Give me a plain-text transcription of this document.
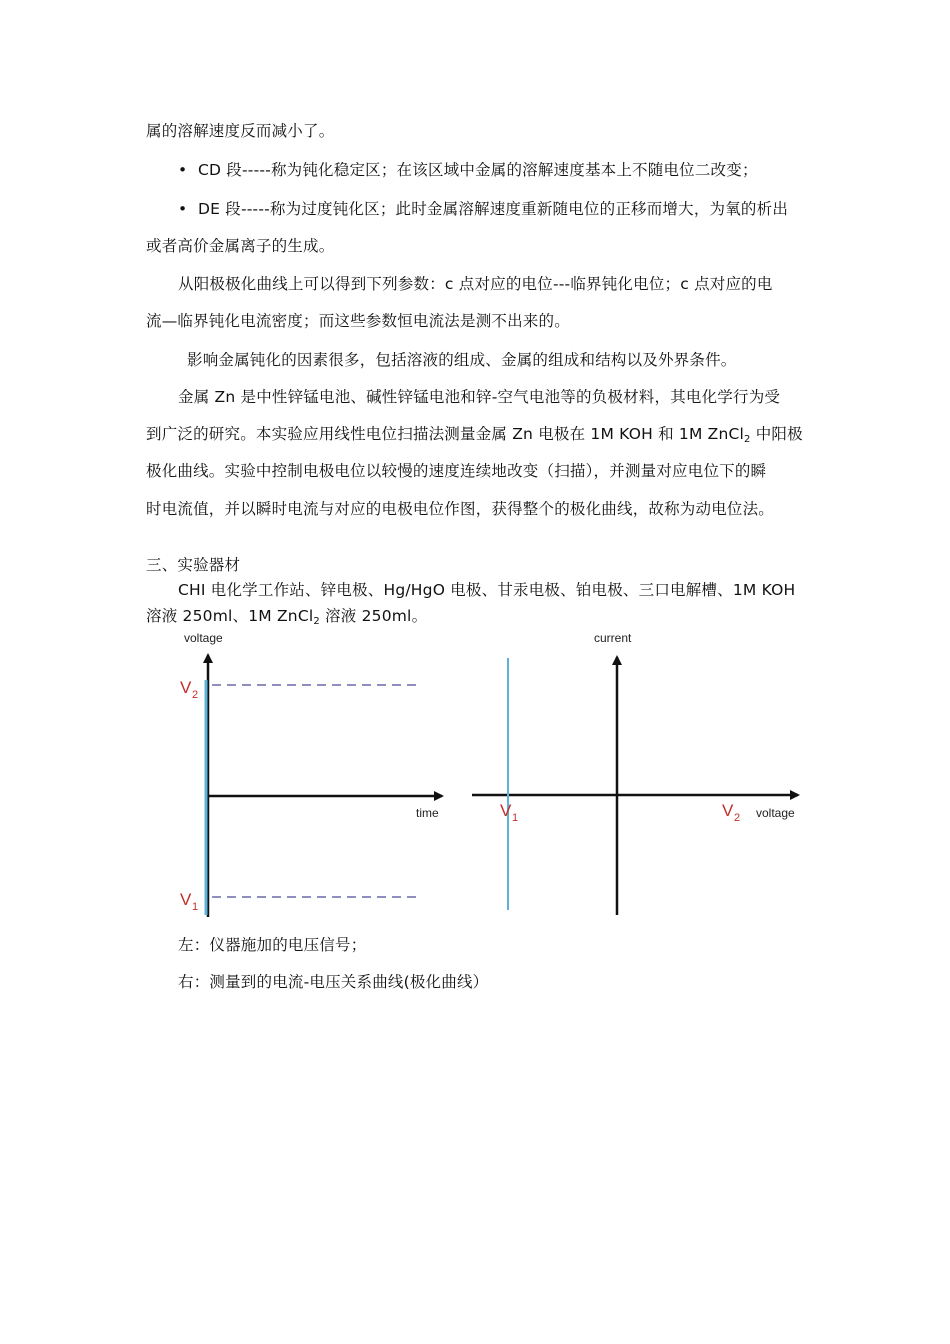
属的溶解速度反而减小了。
• CD 段-----称为钝化稳定区；在该区域中金属的溶解速度基本上不随电位二改变；
• DE 段-----称为过度钝化区；此时金属溶解速度重新随电位的正移而增大，为氧的析出
或者高价金属离子的生成。
从阳极极化曲线上可以得到下列参数：c 点对应的电位---临界钝化电位；c 点对应的电
流—临界钝化电流密度；而这些参数恒电流法是测不出来的。
影响金属钝化的因素很多，包括溶液的组成、金属的组成和结构以及外界条件。
金属 Zn 是中性锌锰电池、碱性锌锰电池和锌-空气电池等的负极材料，其电化学行为受
到广泛的研究。本实验应用线性电位扫描法测量金属 Zn 电极在 1M KOH 和 1M ZnCl$_2$ 中阳极
极化曲线。实验中控制电极电位以较慢的速度连续地改变（扫描），并测量对应电位下的瞬
时电流值，并以瞬时电流与对应的电极电位作图，获得整个的极化曲线，故称为动电位法。
三、实验器材
CHI 电化学工作站、锌电极、Hg/HgO 电极、甘汞电极、铂电极、三口电解槽、1M KOH
溶液 250ml、1M ZnCl$_2$ 溶液 250ml。
voltage
time
V 2
V 1
current
voltage
V 1	V 2
左：仪器施加的电压信号；
右：测量到的电流-电压关系曲线(极化曲线）
